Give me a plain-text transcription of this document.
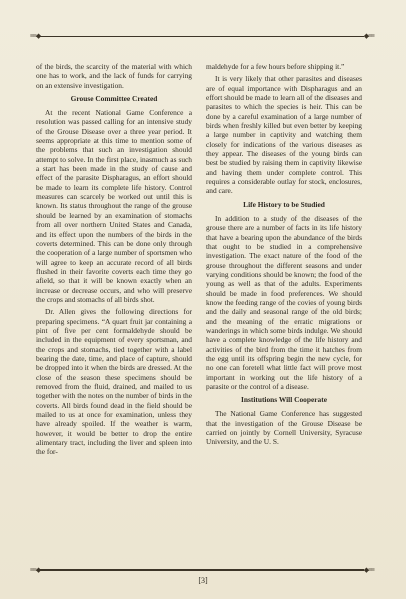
≡≡◆	◆≡≡

of the birds, the scarcity of the material with which one has to work, and the lack of funds for carrying on an extensive investigation.

Grouse Committee Created

At the recent National Game Conference a resolution was passed calling for an intensive study of the Grouse Disease over a three year period. It seems appropriate at this time to mention some of the problems that such an investigation should attempt to solve. In the first place, inasmuch as such a start has been made in the study of cause and effect of the parasite Dispharagus, an effort should be made to learn its complete life history. Control measures can scarcely be worked out until this is known. Its status throughout the range of the grouse should be learned by an examination of stomachs from all over northern United States and Canada, and its effect upon the numbers of the birds in the coverts determined. This can be done only through the cooperation of a large number of sportsmen who will agree to keep an accurate record of all birds flushed in their favorite coverts each time they go afield, so that it will be known exactly when an increase or decrease occurs, and who will preserve the crops and stomachs of all birds shot.

Dr. Allen gives the following directions for preparing specimens. “A quart fruit jar containing a pint of five per cent formaldehyde should be included in the equipment of every sportsman, and the crops and stomachs, tied together with a label bearing the date, time, and place of capture, should be dropped into it when the birds are dressed. At the close of the season these specimens should be removed from the fluid, drained, and mailed to us together with the notes on the number of birds in the coverts. All birds found dead in the field should be mailed to us at once for examination, unless they have already spoiled. If the weather is warm, however, it would be better to drop the entire alimentary tract, including the liver and spleen into the for-

maldehyde for a few hours before shipping it.”

It is very likely that other parasites and diseases are of equal importance with Dispharagus and an effort should be made to learn all of the diseases and parasites to which the species is heir. This can be done by a careful examination of a large number of birds when freshly killed but even better by keeping a large number in captivity and watching them closely for indications of the various diseases as they appear. The diseases of the young birds can best be studied by raising them in captivity likewise and having them under complete control. This requires a considerable outlay for stock, enclosures, and care.

Life History to be Studied

In addition to a study of the diseases of the grouse there are a number of facts in its life history that have a bearing upon the abundance of the birds that ought to be studied in a comprehensive investigation. The exact nature of the food of the grouse throughout the different seasons and under varying conditions should be known; the food of the young as well as that of the adults. Experiments should be made in food preferences. We should know the feeding range of the covies of young birds and the daily and seasonal range of the old birds; and the meaning of the erratic migrations or wanderings in which some birds indulge. We should have a complete knowledge of the life history and activities of the bird from the time it hatches from the egg until its offspring begin the new cycle, for no one can foretell what little fact will prove most important in working out the life history of a parasite or the control of a disease.

Institutions Will Cooperate

The National Game Conference has suggested that the investigation of the Grouse Disease be carried on jointly by Cornell University, Syracuse University, and the U. S.

≡≡◆	◆≡≡
[3]
